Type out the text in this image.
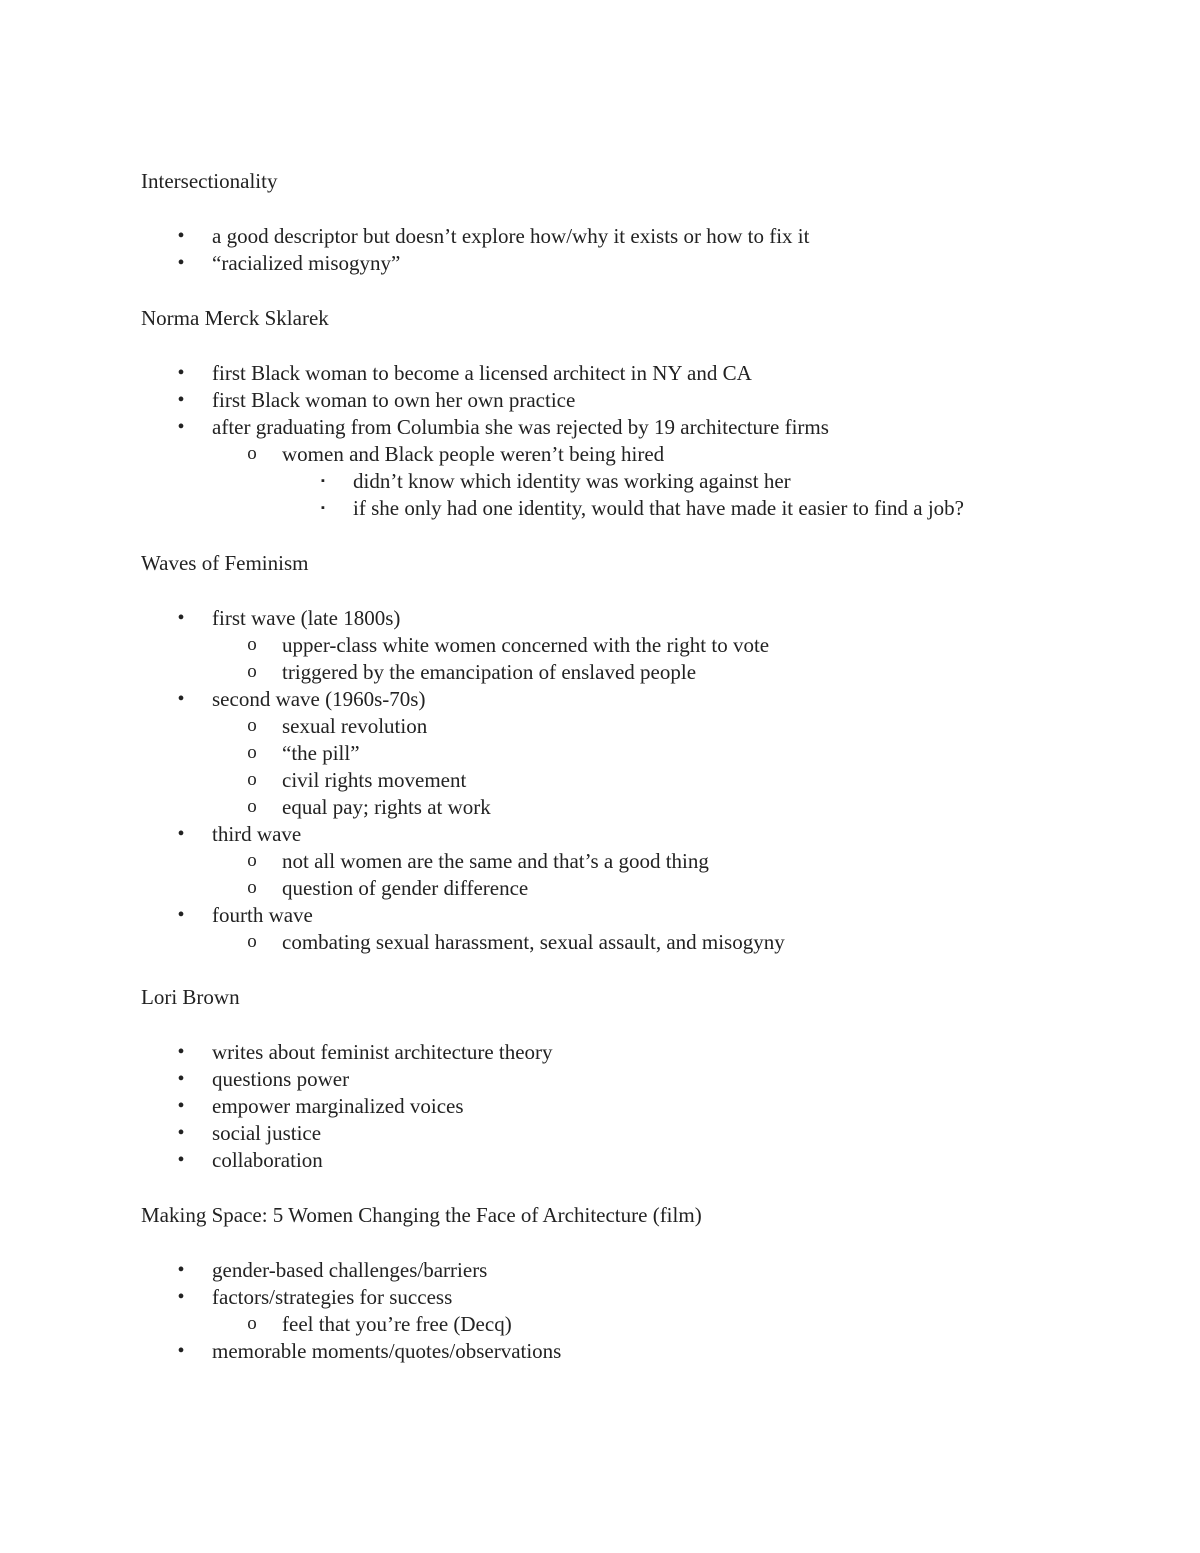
Intersectionality
• a good descriptor but doesn’t explore how/why it exists or how to fix it
• “racialized misogyny”
Norma Merck Sklarek
• first Black woman to become a licensed architect in NY and CA
• first Black woman to own her own practice
• after graduating from Columbia she was rejected by 19 architecture firms
o women and Black people weren’t being hired
▪ didn’t know which identity was working against her
▪ if she only had one identity, would that have made it easier to find a job?
Waves of Feminism
• first wave (late 1800s)
o upper-class white women concerned with the right to vote
o triggered by the emancipation of enslaved people
• second wave (1960s-70s)
o sexual revolution
o “the pill”
o civil rights movement
o equal pay; rights at work
• third wave
o not all women are the same and that’s a good thing
o question of gender difference
• fourth wave
o combating sexual harassment, sexual assault, and misogyny
Lori Brown
• writes about feminist architecture theory
• questions power
• empower marginalized voices
• social justice
• collaboration
Making Space: 5 Women Changing the Face of Architecture (film)
• gender-based challenges/barriers
• factors/strategies for success
o feel that you’re free (Decq)
• memorable moments/quotes/observations
